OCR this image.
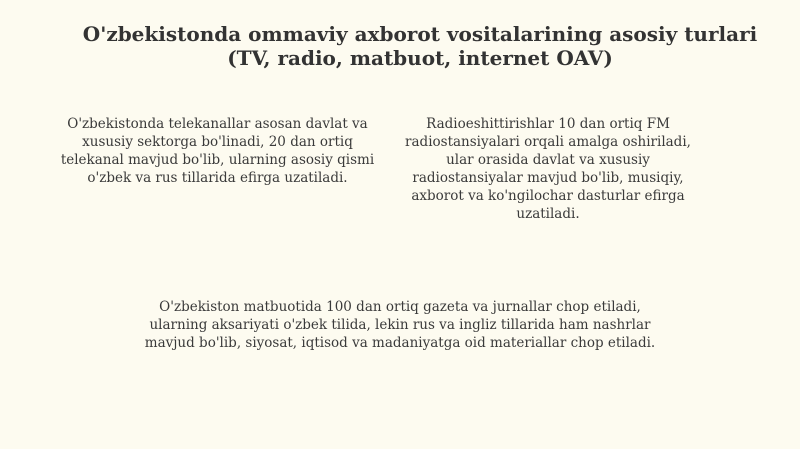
O'zbekistonda ommaviy axborot vositalarining asosiy turlari (TV, radio, matbuot, internet OAV)

O'zbekistonda telekanallar asosan davlat va xususiy sektorga bo'linadi, 20 dan ortiq telekanal mavjud bo'lib, ularning asosiy qismi o'zbek va rus tillarida efirga uzatiladi.

Radioeshittirishlar 10 dan ortiq FM radiostansiyalari orqali amalga oshiriladi, ular orasida davlat va xususiy radiostansiyalar mavjud bo'lib, musiqiy, axborot va ko'ngilochar dasturlar efirga uzatiladi.

O'zbekiston matbuotida 100 dan ortiq gazeta va jurnallar chop etiladi, ularning aksariyati o'zbek tilida, lekin rus va ingliz tillarida ham nashrlar mavjud bo'lib, siyosat, iqtisod va madaniyatga oid materiallar chop etiladi.
